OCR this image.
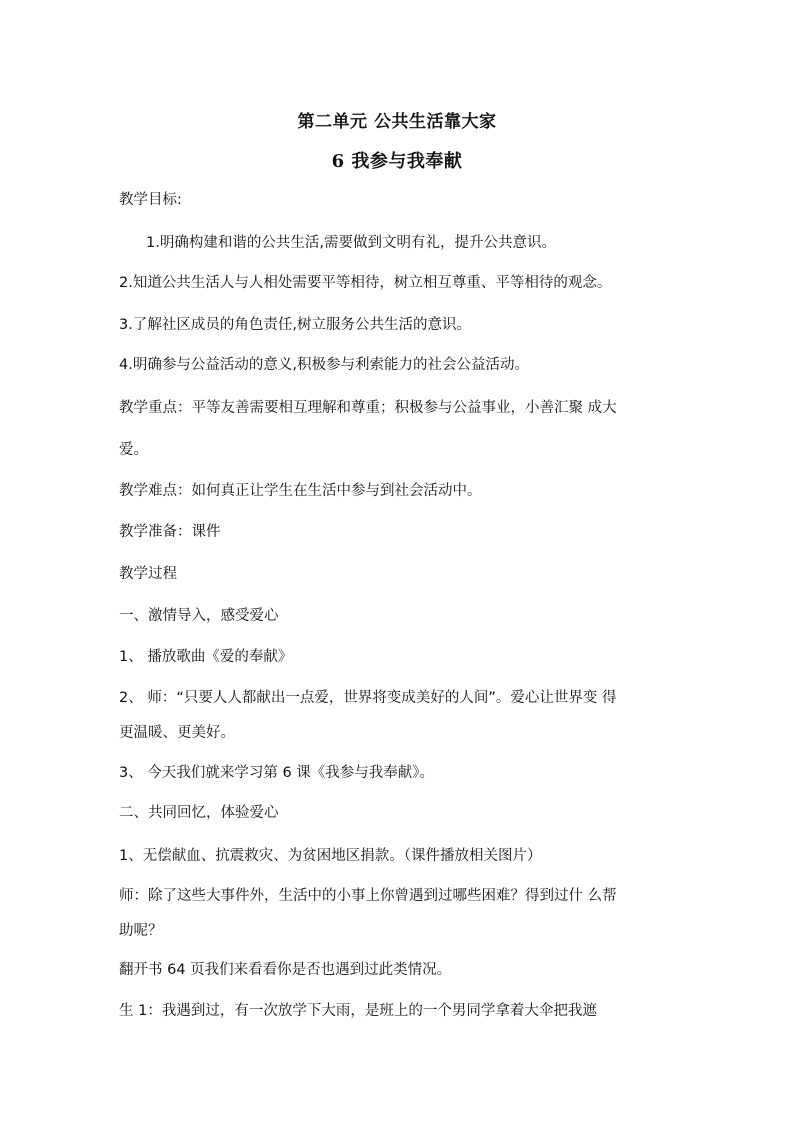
第二单元 公共生活靠大家
6 我参与我奉献
教学目标:
1.明确构建和谐的公共生活,需要做到文明有礼，提升公共意识。
2.知道公共生活人与人相处需要平等相待，树立相互尊重、平等相待的观念。
3.了解社区成员的角色责任,树立服务公共生活的意识。
4.明确参与公益活动的意义,积极参与利索能力的社会公益活动。
教学重点：平等友善需要相互理解和尊重；积极参与公益事业，小善汇聚 成大
爱。
教学难点：如何真正让学生在生活中参与到社会活动中。
教学准备：课件
教学过程
一、激情导入，感受爱心
1、 播放歌曲《爱的奉献》
2、 师：“只要人人都献出一点爱，世界将变成美好的人间”。爱心让世界变 得
更温暖、更美好。
3、 今天我们就来学习第 6 课《我参与我奉献》。
二、共同回忆，体验爱心
1、无偿献血、抗震救灾、为贫困地区捐款。（课件播放相关图片）
师：除了这些大事件外，生活中的小事上你曾遇到过哪些困难？得到过什 么帮
助呢？
翻开书 64 页我们来看看你是否也遇到过此类情况。
生 1：我遇到过，有一次放学下大雨，是班上的一个男同学拿着大伞把我遮
